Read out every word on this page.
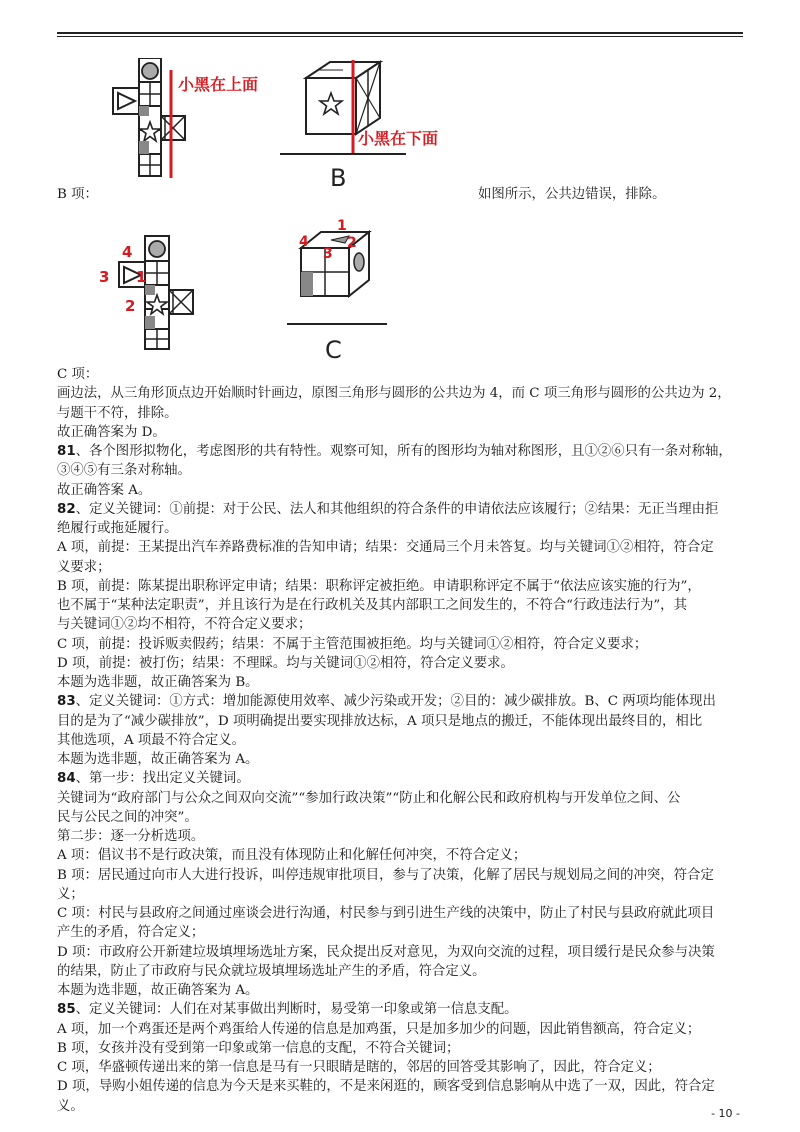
小黑在上面
小黑在下面
B
B 项：	如图所示，公共边错误，排除。
4
3 1
2
1
4
3
2
C
C 项：
画边法，从三角形顶点边开始顺时针画边，原图三角形与圆形的公共边为 4，而 C 项三角形与圆形的公共边为 2，
与题干不符，排除。
故正确答案为 D。
81、各个图形拟物化，考虑图形的共有特性。观察可知，所有的图形均为轴对称图形，且①②⑥只有一条对称轴，
③④⑤有三条对称轴。
故正确答案 A。
82、定义关键词：①前提：对于公民、法人和其他组织的符合条件的申请依法应该履行；②结果：无正当理由拒
绝履行或拖延履行。
A 项，前提：王某提出汽车养路费标准的告知申请；结果：交通局三个月未答复。均与关键词①②相符，符合定
义要求；
B 项，前提：陈某提出职称评定申请；结果：职称评定被拒绝。申请职称评定不属于“依法应该实施的行为”，
也不属于“某种法定职责”，并且该行为是在行政机关及其内部职工之间发生的，不符合“行政违法行为”，其
与关键词①②均不相符，不符合定义要求；
C 项，前提：投诉贩卖假药；结果：不属于主管范围被拒绝。均与关键词①②相符，符合定义要求；
D 项，前提：被打伤；结果：不理睬。均与关键词①②相符，符合定义要求。
本题为选非题，故正确答案为 B。
83、定义关键词：①方式：增加能源使用效率、减少污染或开发；②目的：减少碳排放。B、C 两项均能体现出
目的是为了“减少碳排放”，D 项明确提出要实现排放达标，A 项只是地点的搬迁，不能体现出最终目的，相比
其他选项，A 项最不符合定义。
本题为选非题，故正确答案为 A。
84、第一步：找出定义关键词。
关键词为“政府部门与公众之间双向交流”“参加行政决策”“防止和化解公民和政府机构与开发单位之间、公
民与公民之间的冲突”。
第二步：逐一分析选项。
A 项：倡议书不是行政决策，而且没有体现防止和化解任何冲突，不符合定义；
B 项：居民通过向市人大进行投诉，叫停违规审批项目，参与了决策，化解了居民与规划局之间的冲突，符合定
义；
C 项：村民与县政府之间通过座谈会进行沟通，村民参与到引进生产线的决策中，防止了村民与县政府就此项目
产生的矛盾，符合定义；
D 项：市政府公开新建垃圾填埋场选址方案，民众提出反对意见，为双向交流的过程，项目缓行是民众参与决策
的结果，防止了市政府与民众就垃圾填埋场选址产生的矛盾，符合定义。
本题为选非题，故正确答案为 A。
85、定义关键词：人们在对某事做出判断时，易受第一印象或第一信息支配。
A 项，加一个鸡蛋还是两个鸡蛋给人传递的信息是加鸡蛋，只是加多加少的问题，因此销售额高，符合定义；
B 项，女孩并没有受到第一印象或第一信息的支配，不符合关键词；
C 项，华盛顿传递出来的第一信息是马有一只眼睛是瞎的，邻居的回答受其影响了，因此，符合定义；
D 项，导购小姐传递的信息为今天是来买鞋的，不是来闲逛的，顾客受到信息影响从中选了一双，因此，符合定
义。	- 10 -
